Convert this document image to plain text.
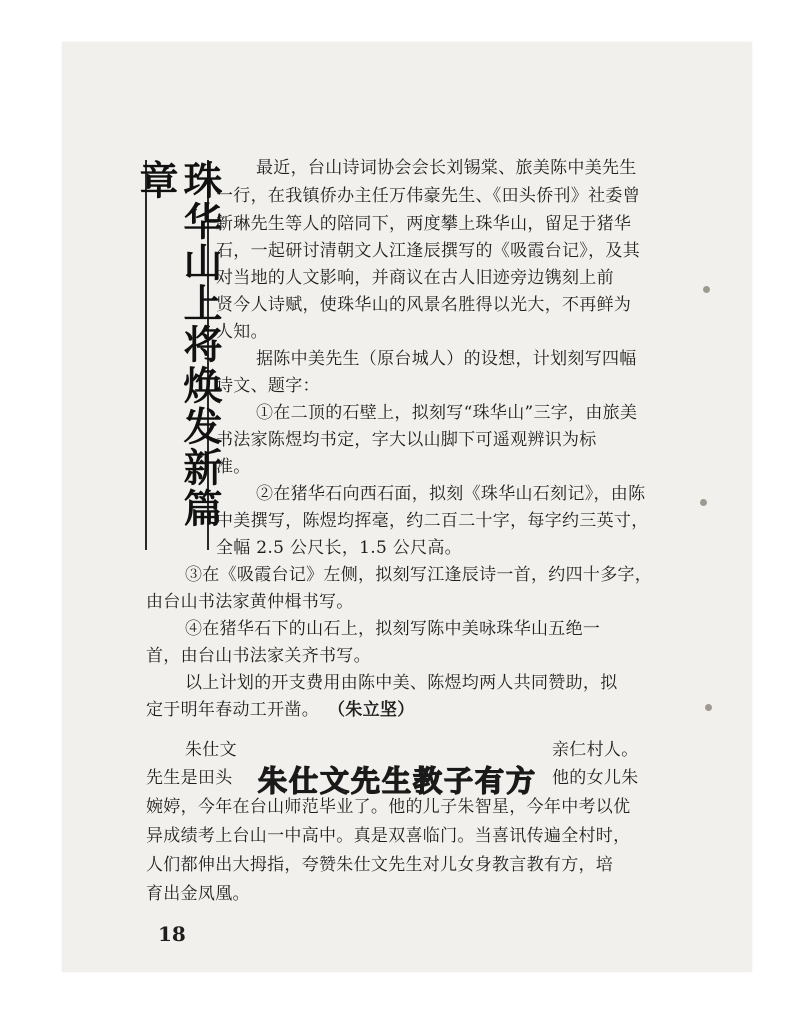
珠华山上将焕发新篇章	最近，台山诗词协会会长刘锡棠、旅美陈中美先生
一行，在我镇侨办主任万伟豪先生、《田头侨刊》社委曾
新琳先生等人的陪同下，两度攀上珠华山，留足于猪华
石，一起研讨清朝文人江逢辰撰写的《吸霞台记》，及其
对当地的人文影响，并商议在古人旧迹旁边镌刻上前
贤今人诗赋，使珠华山的风景名胜得以光大，不再鲜为
人知。
据陈中美先生（原台城人）的设想，计划刻写四幅
诗文、题字：
①在二顶的石壁上，拟刻写“珠华山”三字，由旅美
书法家陈煜均书定，字大以山脚下可遥观辨识为标
准。
②在猪华石向西石面，拟刻《珠华山石刻记》，由陈
中美撰写，陈煜均挥毫，约二百二十字，每字约三英寸，
全幅 2.5 公尺长，1.5 公尺高。
③在《吸霞台记》左侧，拟刻写江逢辰诗一首，约四十多字，
由台山书法家黄仲楫书写。
④在猪华石下的山石上，拟刻写陈中美咏珠华山五绝一
首，由台山书法家关齐书写。
以上计划的开支费用由陈中美、陈煜均两人共同赞助，拟
定于明年春动工开凿。 （朱立坚）
朱仕文	亲仁村人。
朱仕文先生教子有方
先生是田头	他的女儿朱
婉婷，今年在台山师范毕业了。他的儿子朱智星，今年中考以优
异成绩考上台山一中高中。真是双喜临门。当喜讯传遍全村时，
人们都伸出大拇指，夸赞朱仕文先生对儿女身教言教有方，培
育出金凤凰。
18
